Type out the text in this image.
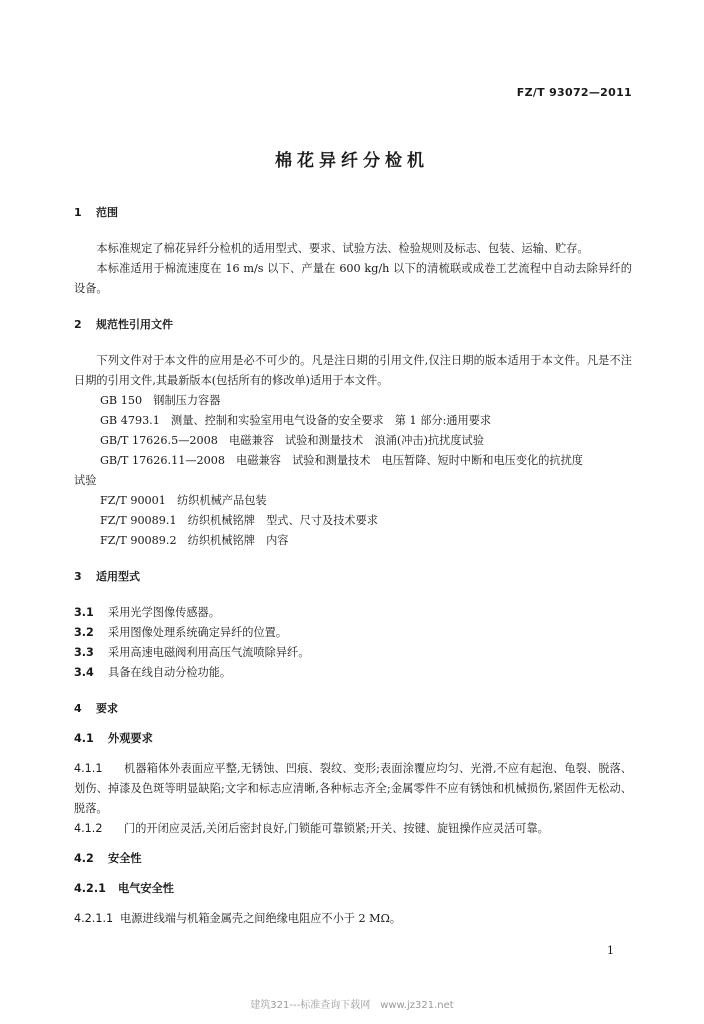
FZ/T 93072—2011
棉花异纤分检机
1 范围
本标准规定了棉花异纤分检机的适用型式、要求、试验方法、检验规则及标志、包装、运输、贮存。
本标准适用于棉流速度在 16 m/s 以下、产量在 600 kg/h 以下的清梳联或成卷工艺流程中自动去除异纤的设备。
2 规范性引用文件
下列文件对于本文件的应用是必不可少的。凡是注日期的引用文件,仅注日期的版本适用于本文件。凡是不注日期的引用文件,其最新版本(包括所有的修改单)适用于本文件。
GB 150　钢制压力容器
GB 4793.1　测量、控制和实验室用电气设备的安全要求　第 1 部分:通用要求
GB/T 17626.5—2008　电磁兼容　试验和测量技术　浪涌(冲击)抗扰度试验
GB/T 17626.11—2008　电磁兼容　试验和测量技术　电压暂降、短时中断和电压变化的抗扰度
试验
FZ/T 90001　纺织机械产品包装
FZ/T 90089.1　纺织机械铭牌　型式、尺寸及技术要求
FZ/T 90089.2　纺织机械铭牌　内容
3 适用型式
3.1 采用光学图像传感器。
3.2 采用图像处理系统确定异纤的位置。
3.3 采用高速电磁阀利用高压气流喷除异纤。
3.4 具备在线自动分检功能。
4 要求
4.1 外观要求
4.1.1 机器箱体外表面应平整,无锈蚀、凹痕、裂纹、变形;表面涂覆应均匀、光滑,不应有起泡、龟裂、脱落、划伤、掉漆及色斑等明显缺陷;文字和标志应清晰,各种标志齐全;金属零件不应有锈蚀和机械损伤,紧固件无松动、脱落。
4.1.2 门的开闭应灵活,关闭后密封良好,门锁能可靠锁紧;开关、按键、旋钮操作应灵活可靠。
4.2 安全性
4.2.1 电气安全性
4.2.1.1 电源进线端与机箱金属壳之间绝缘电阻应不小于 2 MΩ。
1
建筑321---标准查询下载网　www.jz321.net
